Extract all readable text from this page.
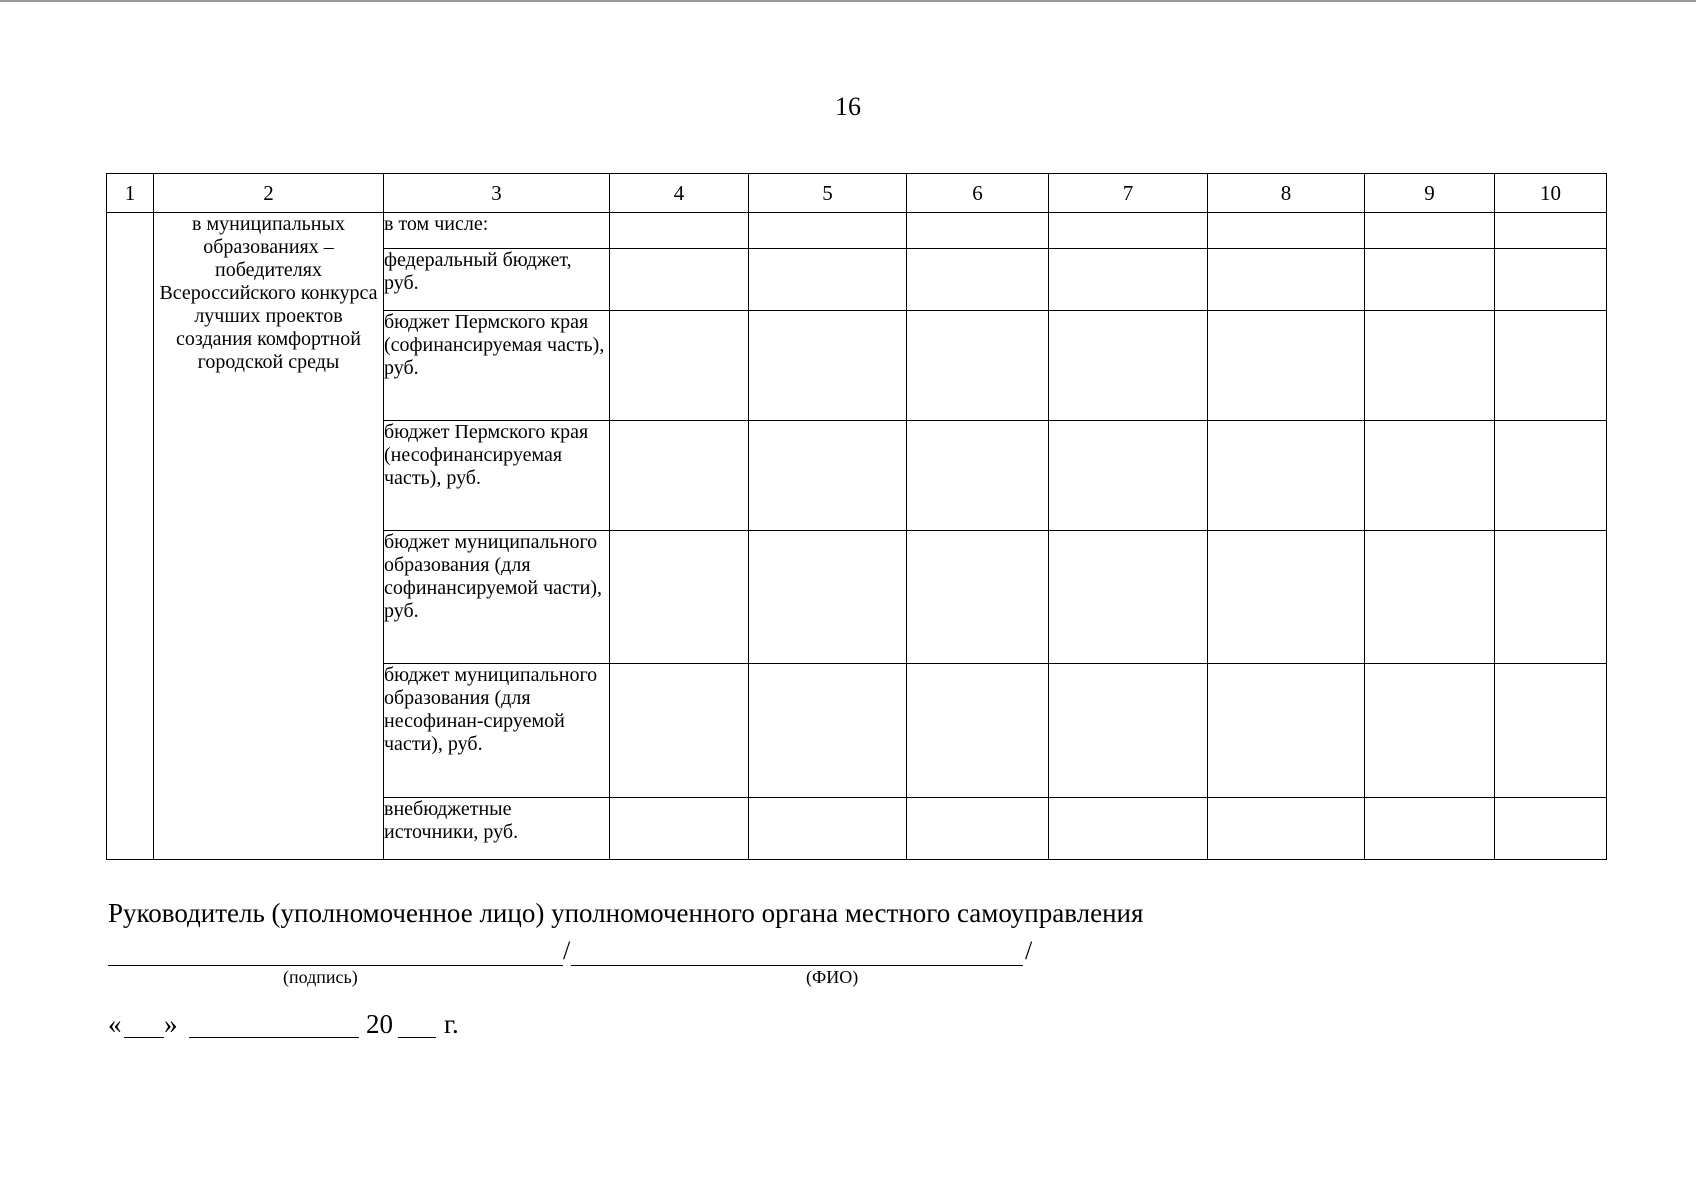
16
1	2	3	4	5	6	7	8	9	10
	в муниципальных образованиях – победителях Всероссийского конкурса лучших проектов создания комфортной городской среды	в том числе:							
		федеральный бюджет, руб.							
		бюджет Пермского края (софинансируемая часть), руб.							
		бюджет Пермского края (несофинансируемая часть), руб.							
		бюджет муниципального образования (для софинансируемой части), руб.							
		бюджет муниципального образования (для несофинан-сируемой части), руб.							
		внебюджетные источники, руб.							
Руководитель (уполномоченное лицо) уполномоченного органа местного самоуправления
/	/
(подпись)	(ФИО)
« »	20 г.
